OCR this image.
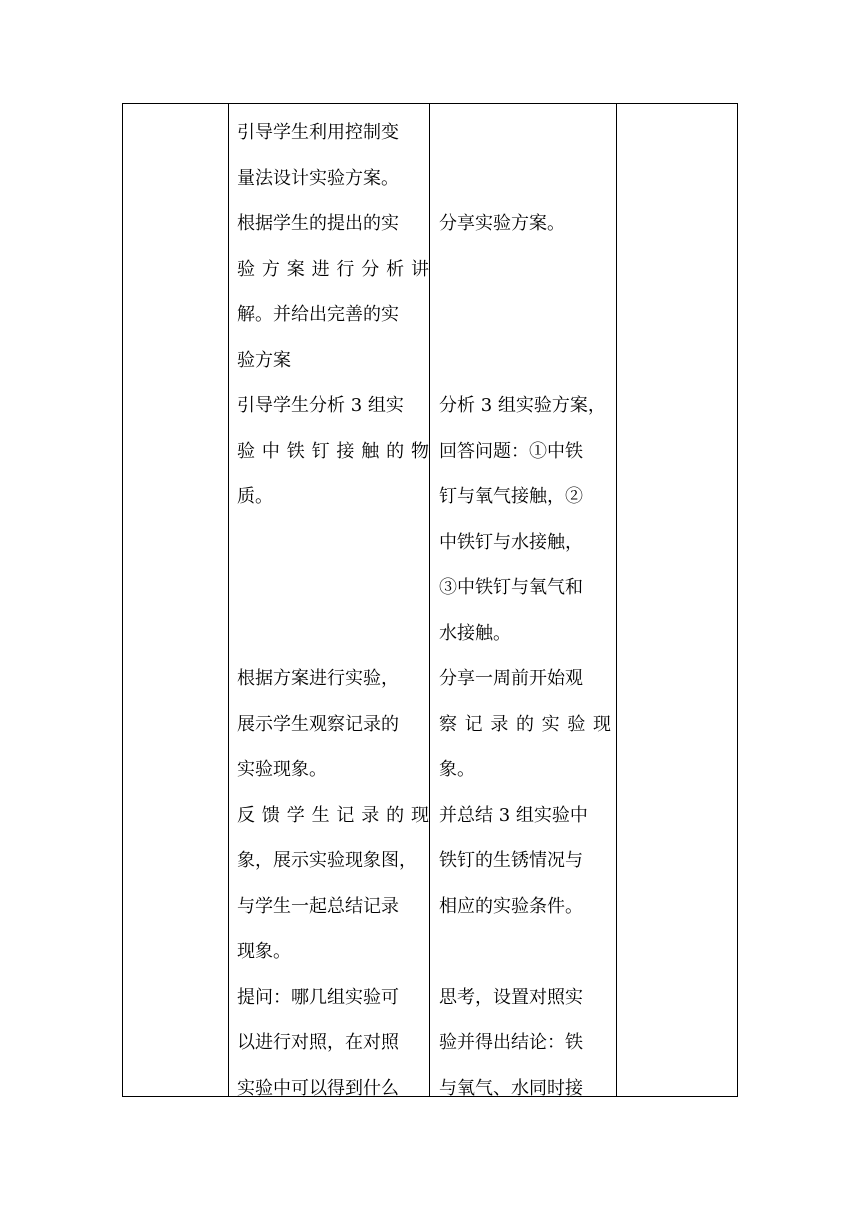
引导学生利用控制变
量法设计实验方案。
根据学生的提出的实
验方案进行分析讲
解。并给出完善的实
验方案
引导学生分析 3 组实
验中铁钉接触的物
质。

根据方案进行实验，
展示学生观察记录的
实验现象。
反馈学生记录的现
象，展示实验现象图，
与学生一起总结记录
现象。
提问：哪几组实验可
以进行对照，在对照
实验中可以得到什么

分享实验方案。

分析 3 组实验方案，
回答问题：①中铁
钉与氧气接触，②
中铁钉与水接触，
③中铁钉与氧气和
水接触。
分享一周前开始观
察记录的实验现
象。
并总结 3 组实验中
铁钉的生锈情况与
相应的实验条件。

思考，设置对照实
验并得出结论：铁
与氧气、水同时接
